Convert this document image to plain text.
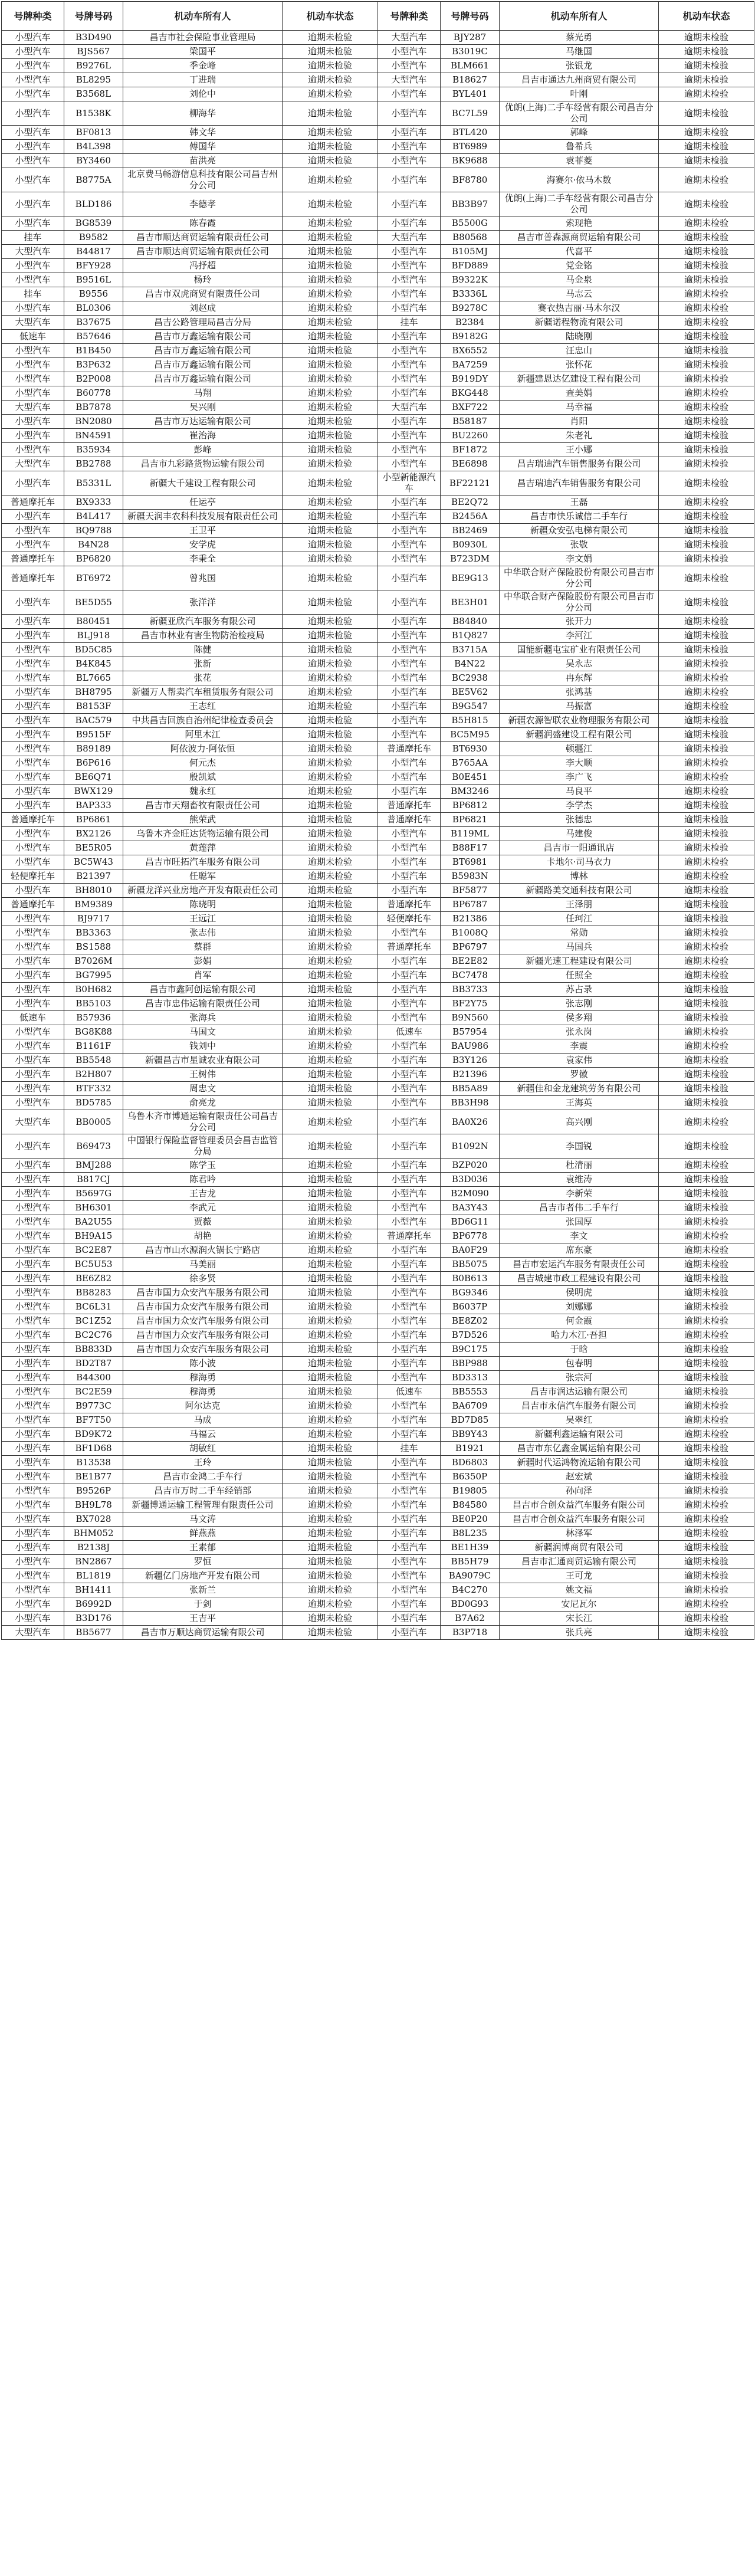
号牌种类	号牌号码	机动车所有人	机动车状态	号牌种类	号牌号码	机动车所有人	机动车状态
小型汽车	B3D490	昌吉市社会保险事业管理局	逾期未检验	大型汽车	BJY287	蔡光勇	逾期未检验
小型汽车	BJS567	梁国平	逾期未检验	小型汽车	B3019C	马继国	逾期未检验
小型汽车	B9276L	季金峰	逾期未检验	小型汽车	BLM661	张银龙	逾期未检验
小型汽车	BL8295	丁进瑞	逾期未检验	大型汽车	B18627	昌吉市通达九州商贸有限公司	逾期未检验
小型汽车	B3568L	刘伦中	逾期未检验	小型汽车	BYL401	叶刚	逾期未检验
小型汽车	B1538K	柳海华	逾期未检验	小型汽车	BC7L59	优朗(上海)二手车经营有限公司昌吉分公司	逾期未检验
小型汽车	BF0813	韩文华	逾期未检验	小型汽车	BTL420	郭峰	逾期未检验
小型汽车	B4L398	傅国华	逾期未检验	小型汽车	BT6989	鲁希兵	逾期未检验
小型汽车	BY3460	苗洪亮	逾期未检验	小型汽车	BK9688	袁菲菱	逾期未检验
小型汽车	B8775A	北京费马畅游信息科技有限公司昌吉州分公司	逾期未检验	小型汽车	BF8780	海赛尔·依马木数	逾期未检验
小型汽车	BLD186	李德孝	逾期未检验	小型汽车	BB3B97	优朗(上海)二手车经营有限公司昌吉分公司	逾期未检验
小型汽车	BG8539	陈春霞	逾期未检验	小型汽车	B5500G	索现艳	逾期未检验
挂车	B9582	昌吉市顺达商贸运输有限责任公司	逾期未检验	大型汽车	B80568	昌吉市普森源商贸运输有限公司	逾期未检验
大型汽车	B44817	昌吉市顺达商贸运输有限责任公司	逾期未检验	小型汽车	B105MJ	代喜平	逾期未检验
小型汽车	BFY928	冯抒超	逾期未检验	小型汽车	BFD889	党金铭	逾期未检验
小型汽车	B9516L	杨玲	逾期未检验	小型汽车	B9322K	马金泉	逾期未检验
挂车	B9556	昌吉市双虎商贸有限责任公司	逾期未检验	小型汽车	B3336L	马志云	逾期未检验
小型汽车	BL0306	刘赵成	逾期未检验	小型汽车	B9278C	赛衣热吉丽·马木尔汉	逾期未检验
大型汽车	B37675	昌吉公路管理局昌吉分局	逾期未检验	挂车	B2384	新疆诺程物流有限公司	逾期未检验
低速车	B57646	昌吉市万鑫运输有限公司	逾期未检验	小型汽车	B9182G	陆晓刚	逾期未检验
小型汽车	B1B450	昌吉市万鑫运输有限公司	逾期未检验	小型汽车	BX6552	汪忠山	逾期未检验
小型汽车	B3P632	昌吉市万鑫运输有限公司	逾期未检验	小型汽车	BA7259	张怀花	逾期未检验
小型汽车	B2P008	昌吉市万鑫运输有限公司	逾期未检验	小型汽车	B919DY	新疆建恩达亿建设工程有限公司	逾期未检验
小型汽车	B60778	马翔	逾期未检验	小型汽车	BKG448	查美娟	逾期未检验
大型汽车	BB7878	吴兴刚	逾期未检验	大型汽车	BXF722	马幸福	逾期未检验
小型汽车	BN2080	昌吉市万达运输有限公司	逾期未检验	小型汽车	B58187	肖阳	逾期未检验
小型汽车	BN4591	崔治海	逾期未检验	小型汽车	BU2260	朱老礼	逾期未检验
小型汽车	B35934	彭峰	逾期未检验	小型汽车	BF1872	王小娜	逾期未检验
大型汽车	BB2788	昌吉市九彩路货物运输有限公司	逾期未检验	小型汽车	BE6898	昌吉瑞迪汽车销售服务有限公司	逾期未检验
小型汽车	B5331L	新疆大千建设工程有限公司	逾期未检验	小型新能源汽车	BF22121	昌吉瑞迪汽车销售服务有限公司	逾期未检验
普通摩托车	BX9333	任运亭	逾期未检验	小型汽车	BE2Q72	王磊	逾期未检验
小型汽车	B4L417	新疆天润丰农科科技发展有限责任公司	逾期未检验	小型汽车	B2456A	昌吉市快乐诚信二手车行	逾期未检验
小型汽车	BQ9788	王卫平	逾期未检验	小型汽车	BB2469	新疆众安弘电梯有限公司	逾期未检验
小型汽车	B4N28	安学虎	逾期未检验	小型汽车	B0930L	张敬	逾期未检验
普通摩托车	BP6820	李秉全	逾期未检验	小型汽车	B723DM	李文娟	逾期未检验
普通摩托车	BT6972	曾兆国	逾期未检验	小型汽车	BE9G13	中华联合财产保险股份有限公司昌吉市分公司	逾期未检验
小型汽车	BE5D55	张洋洋	逾期未检验	小型汽车	BE3H01	中华联合财产保险股份有限公司昌吉市分公司	逾期未检验
小型汽车	B80451	新疆亚欣汽车服务有限公司	逾期未检验	小型汽车	B84840	张开力	逾期未检验
小型汽车	BLJ918	昌吉市林业有害生物防治检疫局	逾期未检验	小型汽车	B1Q827	李河江	逾期未检验
小型汽车	BD5C85	陈健	逾期未检验	小型汽车	B3715A	国能新疆屯宝矿业有限责任公司	逾期未检验
小型汽车	B4K845	张新	逾期未检验	小型汽车	B4N22	吴永志	逾期未检验
小型汽车	BL7665	张花	逾期未检验	小型汽车	BC2938	冉东辉	逾期未检验
小型汽车	BH8795	新疆万人帮卖汽车租赁服务有限公司	逾期未检验	小型汽车	BE5V62	张鸿基	逾期未检验
小型汽车	B8153F	王志红	逾期未检验	小型汽车	B9G547	马振富	逾期未检验
小型汽车	BAC579	中共昌吉回族自治州纪律检查委员会	逾期未检验	小型汽车	B5H815	新疆农源智联农业物理服务有限公司	逾期未检验
小型汽车	B9515F	阿里木江	逾期未检验	小型汽车	BC5M95	新疆润盛建设工程有限公司	逾期未检验
小型汽车	B89189	阿依波力·阿依恒	逾期未检验	普通摩托车	BT6930	顿疆江	逾期未检验
小型汽车	B6P616	何元杰	逾期未检验	小型汽车	B765AA	李大顺	逾期未检验
小型汽车	BE6Q71	殷凯斌	逾期未检验	小型汽车	B0E451	李广飞	逾期未检验
小型汽车	BWX129	魏永红	逾期未检验	小型汽车	BM3246	马良平	逾期未检验
小型汽车	BAP333	昌吉市天翔畜牧有限责任公司	逾期未检验	普通摩托车	BP6812	李学杰	逾期未检验
普通摩托车	BP6861	熊荣武	逾期未检验	普通摩托车	BP6821	张德忠	逾期未检验
小型汽车	BX2126	乌鲁木齐金旺达货物运输有限公司	逾期未检验	小型汽车	B119ML	马建俊	逾期未检验
小型汽车	BE5R05	黄莲萍	逾期未检验	小型汽车	B88F17	昌吉市一阳通讯店	逾期未检验
小型汽车	BC5W43	昌吉市旺拓汽车服务有限公司	逾期未检验	小型汽车	BT6981	卡地尔·司马衣力	逾期未检验
轻便摩托车	B21397	任聪军	逾期未检验	小型汽车	B5983N	博林	逾期未检验
小型汽车	BH8010	新疆龙洋兴业房地产开发有限责任公司	逾期未检验	小型汽车	BF5877	新疆路美交通科技有限公司	逾期未检验
普通摩托车	BM9389	陈晓明	逾期未检验	普通摩托车	BP6787	王泽朋	逾期未检验
小型汽车	BJ9717	王远江	逾期未检验	轻便摩托车	B21386	任珂江	逾期未检验
小型汽车	BB3363	张志伟	逾期未检验	小型汽车	B1008Q	常勋	逾期未检验
小型汽车	BS1588	蔡群	逾期未检验	普通摩托车	BP6797	马国兵	逾期未检验
小型汽车	B7026M	彭娟	逾期未检验	小型汽车	BE2E82	新疆光速工程建设有限公司	逾期未检验
小型汽车	BG7995	肖军	逾期未检验	小型汽车	BC7478	任照全	逾期未检验
小型汽车	B0H682	昌吉市鑫阿创运输有限公司	逾期未检验	小型汽车	BB3733	苏占录	逾期未检验
小型汽车	BB5103	昌吉市忠伟运输有限责任公司	逾期未检验	小型汽车	BF2Y75	张志刚	逾期未检验
低速车	B57936	张海兵	逾期未检验	小型汽车	B9N560	侯多翔	逾期未检验
小型汽车	BG8K88	马国文	逾期未检验	低速车	B57954	张永岗	逾期未检验
小型汽车	B1161F	钱刘中	逾期未检验	小型汽车	BAU986	李震	逾期未检验
小型汽车	BB5548	新疆昌吉市星诚农业有限公司	逾期未检验	小型汽车	B3Y126	袁家伟	逾期未检验
小型汽车	B2H807	王树伟	逾期未检验	小型汽车	B21396	罗徽	逾期未检验
小型汽车	BTF332	周忠文	逾期未检验	小型汽车	BB5A89	新疆佳和金龙建筑劳务有限公司	逾期未检验
小型汽车	BD5785	俞亮龙	逾期未检验	小型汽车	BB3H98	王海英	逾期未检验
大型汽车	BB0005	乌鲁木齐市博通运输有限责任公司昌吉分公司	逾期未检验	小型汽车	BA0X26	高兴刚	逾期未检验
小型汽车	B69473	中国银行保险监督管理委员会昌吉监管分局	逾期未检验	小型汽车	B1092N	李国锐	逾期未检验
小型汽车	BMJ288	陈学玉	逾期未检验	小型汽车	BZP020	杜清丽	逾期未检验
小型汽车	B817CJ	陈君吟	逾期未检验	小型汽车	B3D036	袁维涛	逾期未检验
小型汽车	B5697G	王吉龙	逾期未检验	小型汽车	B2M090	李新荣	逾期未检验
小型汽车	BH6301	李武元	逾期未检验	小型汽车	BA3Y43	昌吉市者伟二手车行	逾期未检验
小型汽车	BA2U55	贾薇	逾期未检验	小型汽车	BD6G11	张国厚	逾期未检验
小型汽车	BH9A15	胡艳	逾期未检验	普通摩托车	BP6778	李文	逾期未检验
小型汽车	BC2E87	昌吉市山水源润火锅长宁路店	逾期未检验	小型汽车	BA0F29	席东豪	逾期未检验
小型汽车	BC5U53	马美丽	逾期未检验	小型汽车	BB5075	昌吉市宏运汽车服务有限责任公司	逾期未检验
小型汽车	BE6Z82	徐多贤	逾期未检验	小型汽车	B0B613	昌吉城建市政工程建设有限公司	逾期未检验
小型汽车	BB8283	昌吉市国力众安汽车服务有限公司	逾期未检验	小型汽车	BG9346	侯明虎	逾期未检验
小型汽车	BC6L31	昌吉市国力众安汽车服务有限公司	逾期未检验	小型汽车	B6037P	刘娜娜	逾期未检验
小型汽车	BC1Z52	昌吉市国力众安汽车服务有限公司	逾期未检验	小型汽车	BE8Z02	何金霞	逾期未检验
小型汽车	BC2C76	昌吉市国力众安汽车服务有限公司	逾期未检验	小型汽车	B7D526	哈力木江·吾担	逾期未检验
小型汽车	BB833D	昌吉市国力众安汽车服务有限公司	逾期未检验	小型汽车	B9C175	于晗	逾期未检验
小型汽车	BD2T87	陈小波	逾期未检验	小型汽车	BBP988	包春明	逾期未检验
小型汽车	B44300	穆海勇	逾期未检验	小型汽车	BD3313	张宗河	逾期未检验
小型汽车	BC2E59	穆海勇	逾期未检验	低速车	BB5553	昌吉市润达运输有限公司	逾期未检验
小型汽车	B9773C	阿尔达克	逾期未检验	小型汽车	BA6709	昌吉市永信汽车服务有限公司	逾期未检验
小型汽车	BF7T50	马成	逾期未检验	小型汽车	BD7D85	吴翠红	逾期未检验
小型汽车	BD9K72	马福云	逾期未检验	小型汽车	BB9Y43	新疆利鑫运输有限公司	逾期未检验
小型汽车	BF1D68	胡敏红	逾期未检验	挂车	B1921	昌吉市东亿鑫金属运输有限公司	逾期未检验
小型汽车	B13538	王玲	逾期未检验	小型汽车	BD6803	新疆时代运鸿物流运输有限公司	逾期未检验
小型汽车	BE1B77	昌吉市金鸿二手车行	逾期未检验	小型汽车	B6350P	赵宏斌	逾期未检验
小型汽车	B9526P	昌吉市万时二手车经销部	逾期未检验	小型汽车	B19805	孙向泽	逾期未检验
小型汽车	BH9L78	新疆博通运输工程管理有限责任公司	逾期未检验	小型汽车	B84580	昌吉市合创众益汽车服务有限公司	逾期未检验
小型汽车	BX7028	马文涛	逾期未检验	小型汽车	BE0P20	昌吉市合创众益汽车服务有限公司	逾期未检验
小型汽车	BHM052	鲜燕燕	逾期未检验	小型汽车	B8L235	林泽军	逾期未检验
小型汽车	B2138J	王素郁	逾期未检验	小型汽车	BE1H39	新疆润博商贸有限公司	逾期未检验
小型汽车	BN2867	罗恒	逾期未检验	小型汽车	BB5H79	昌吉市汇通商贸运输有限公司	逾期未检验
小型汽车	BL1819	新疆亿门房地产开发有限公司	逾期未检验	小型汽车	BA9079C	王可龙	逾期未检验
小型汽车	BH1411	张新兰	逾期未检验	小型汽车	B4C270	姚文福	逾期未检验
小型汽车	B6992D	于剑	逾期未检验	小型汽车	BD0G93	安尼瓦尔	逾期未检验
小型汽车	B3D176	王吉平	逾期未检验	小型汽车	B7A62	宋长江	逾期未检验
大型汽车	BB5677	昌吉市万顺达商贸运输有限公司	逾期未检验	小型汽车	B3P718	张兵亮	逾期未检验
